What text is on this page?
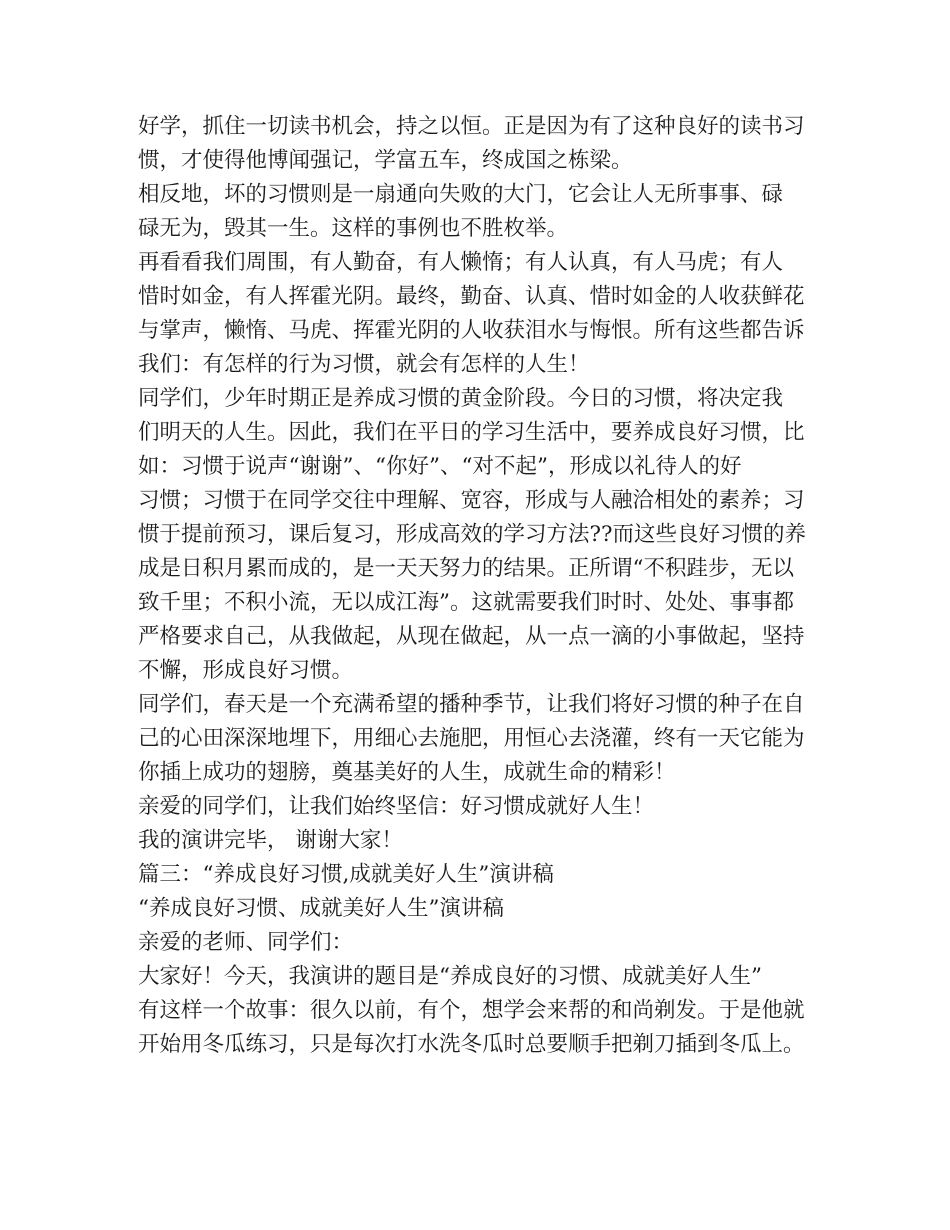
好学，抓住一切读书机会，持之以恒。正是因为有了这种良好的读书习
惯，才使得他博闻强记，学富五车，终成国之栋梁。
相反地，坏的习惯则是一扇通向失败的大门，它会让人无所事事、碌
碌无为，毁其一生。这样的事例也不胜枚举。
再看看我们周围，有人勤奋，有人懒惰；有人认真，有人马虎；有人
惜时如金，有人挥霍光阴。最终，勤奋、认真、惜时如金的人收获鲜花
与掌声，懒惰、马虎、挥霍光阴的人收获泪水与悔恨。所有这些都告诉
我们：有怎样的行为习惯，就会有怎样的人生！
同学们，少年时期正是养成习惯的黄金阶段。今日的习惯，将决定我
们明天的人生。因此，我们在平日的学习生活中，要养成良好习惯，比
如：习惯于说声“谢谢”、“你好”、“对不起”，形成以礼待人的好
习惯；习惯于在同学交往中理解、宽容，形成与人融洽相处的素养；习
惯于提前预习，课后复习，形成高效的学习方法??而这些良好习惯的养
成是日积月累而成的，是一天天努力的结果。正所谓“不积跬步，无以
致千里；不积小流，无以成江海”。这就需要我们时时、处处、事事都
严格要求自己，从我做起，从现在做起，从一点一滴的小事做起，坚持
不懈，形成良好习惯。
同学们，春天是一个充满希望的播种季节，让我们将好习惯的种子在自
己的心田深深地埋下，用细心去施肥，用恒心去浇灌，终有一天它能为
你插上成功的翅膀，奠基美好的人生，成就生命的精彩！
亲爱的同学们，让我们始终坚信：好习惯成就好人生！
我的演讲完毕， 谢谢大家！
篇三：“养成良好习惯,成就美好人生”演讲稿
“养成良好习惯、成就美好人生”演讲稿
亲爱的老师、同学们：
大家好！今天，我演讲的题目是“养成良好的习惯、成就美好人生”
有这样一个故事：很久以前，有个，想学会来帮的和尚剃发。于是他就
开始用冬瓜练习，只是每次打水洗冬瓜时总要顺手把剃刀插到冬瓜上。
